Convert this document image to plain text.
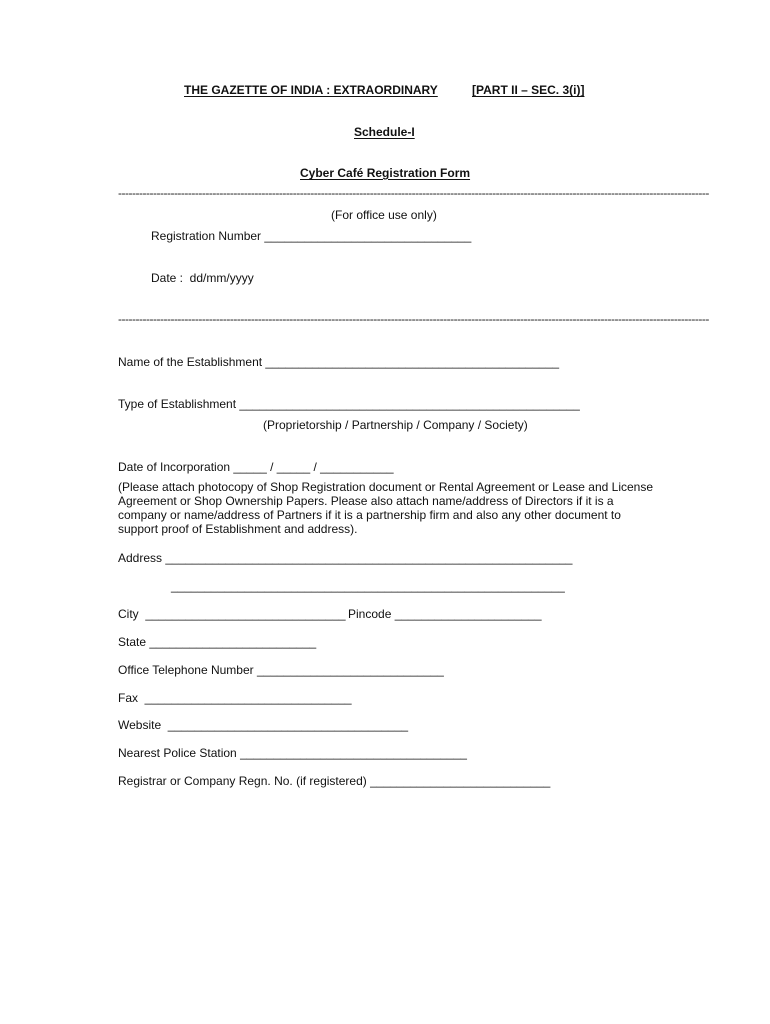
THE GAZETTE OF INDIA : EXTRAORDINARY	[PART II – SEC. 3(i)]
Schedule-I
Cyber Café Registration Form
-------------------------------------------------------------------------------------------------------------------------------------------------------------------------
(For office use only)
Registration Number _______________________________
Date :  dd/mm/yyyy
-------------------------------------------------------------------------------------------------------------------------------------------------------------------------
Name of the Establishment ____________________________________________
Type of Establishment ___________________________________________________
(Proprietorship / Partnership / Company / Society)
Date of Incorporation _____ / _____ / ___________
(Please attach photocopy of Shop Registration document or Rental Agreement or Lease and License Agreement or Shop Ownership Papers. Please also attach name/address of Directors if it is a company or name/address of Partners if it is a partnership firm and also any other document to support proof of Establishment and address).
Address _____________________________________________________________
___________________________________________________________
City  ______________________________ Pincode ______________________
State _________________________
Office Telephone Number ____________________________
Fax  _______________________________
Website  ____________________________________
Nearest Police Station __________________________________
Registrar or Company Regn. No. (if registered) ___________________________
